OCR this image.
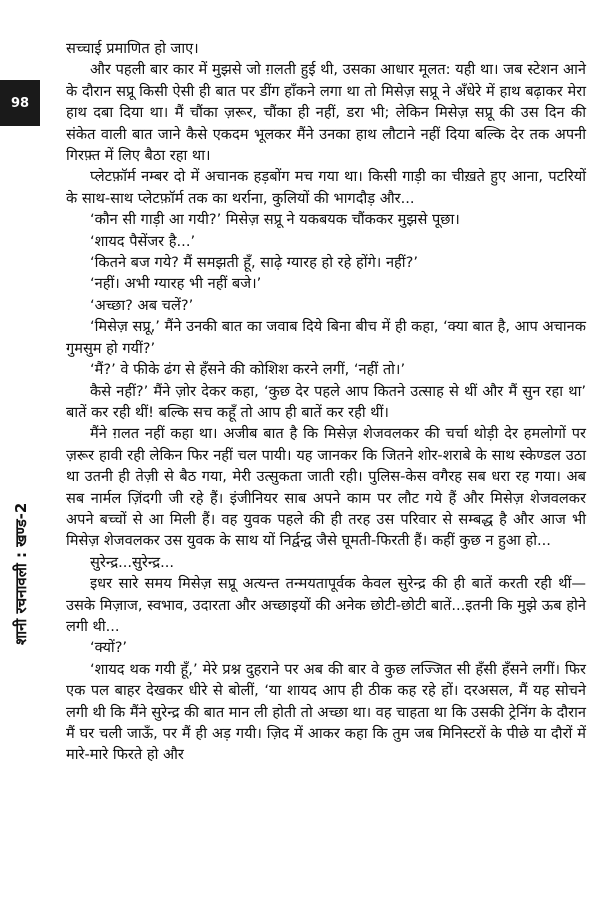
98
शानी रचनावली : खण्ड-2

सच्चाई प्रमाणित हो जाए।

और पहली बार कार में मुझसे जो ग़लती हुई थी, उसका आधार मूलत: यही था। जब स्टेशन आने के दौरान सप्रू किसी ऐसी ही बात पर डींग हाँकने लगा था तो मिसेज़ सप्रू ने अँधेरे में हाथ बढ़ाकर मेरा हाथ दबा दिया था। मैं चौंका ज़रूर, चौंका ही नहीं, डरा भी; लेकिन मिसेज़ सप्रू की उस दिन की संकेत वाली बात जाने कैसे एकदम भूलकर मैंने उनका हाथ लौटाने नहीं दिया बल्कि देर तक अपनी गिरफ़्त में लिए बैठा रहा था।

प्लेटफ़ॉर्म नम्बर दो में अचानक हड़बोंग मच गया था। किसी गाड़ी का चीख़ते हुए आना, पटरियों के साथ-साथ प्लेटफ़ॉर्म तक का थर्राना, कुलियों की भागदौड़ और...

‘कौन सी गाड़ी आ गयी?’ मिसेज़ सप्रू ने यकबयक चौंककर मुझसे पूछा।

‘शायद पैसेंजर है...’

‘कितने बज गये? मैं समझती हूँ, साढ़े ग्यारह हो रहे होंगे। नहीं?’

‘नहीं। अभी ग्यारह भी नहीं बजे।’

‘अच्छा? अब चलें?’

‘मिसेज़ सप्रू,’ मैंने उनकी बात का जवाब दिये बिना बीच में ही कहा, ‘क्या बात है, आप अचानक गुमसुम हो गयीं?’

‘मैं?’ वे फीके ढंग से हँसने की कोशिश करने लगीं, ‘नहीं तो।’

कैसे नहीं?’ मैंने ज़ोर देकर कहा, ‘कुछ देर पहले आप कितने उत्साह से थीं और मैं सुन रहा था’ बातें कर रही थीं! बल्कि सच कहूँ तो आप ही बातें कर रही थीं।

मैंने ग़लत नहीं कहा था। अजीब बात है कि मिसेज़ शेजवलकर की चर्चा थोड़ी देर हमलोगों पर ज़रूर हावी रही लेकिन फिर नहीं चल पायी। यह जानकर कि जितने शोर-शराबे के साथ स्केण्डल उठा था उतनी ही तेज़ी से बैठ गया, मेरी उत्सुकता जाती रही। पुलिस-केस वगैरह सब धरा रह गया। अब सब नार्मल ज़िंदगी जी रहे हैं। इंजीनियर साब अपने काम पर लौट गये हैं और मिसेज़ शेजवलकर अपने बच्चों से आ मिली हैं। वह युवक पहले की ही तरह उस परिवार से सम्बद्ध है और आज भी मिसेज़ शेजवलकर उस युवक के साथ यों निर्द्वन्द्व जैसे घूमती-फिरती हैं। कहीं कुछ न हुआ हो...

सुरेन्द्र...सुरेन्द्र...

इधर सारे समय मिसेज़ सप्रू अत्यन्त तन्मयतापूर्वक केवल सुरेन्द्र की ही बातें करती रही थीं—उसके मिज़ाज, स्वभाव, उदारता और अच्छाइयों की अनेक छोटी-छोटी बातें...इतनी कि मुझे ऊब होने लगी थी...

‘क्यों?’

‘शायद थक गयी हूँ,’ मेरे प्रश्न दुहराने पर अब की बार वे कुछ लज्जित सी हँसी हँसने लगीं। फिर एक पल बाहर देखकर धीरे से बोलीं, ‘या शायद आप ही ठीक कह रहे हों। दरअसल, मैं यह सोचने लगी थी कि मैंने सुरेन्द्र की बात मान ली होती तो अच्छा था। वह चाहता था कि उसकी ट्रेनिंग के दौरान मैं घर चली जाऊँ, पर मैं ही अड़ गयी। ज़िद में आकर कहा कि तुम जब मिनिस्टरों के पीछे या दौरों में मारे-मारे फिरते हो और
